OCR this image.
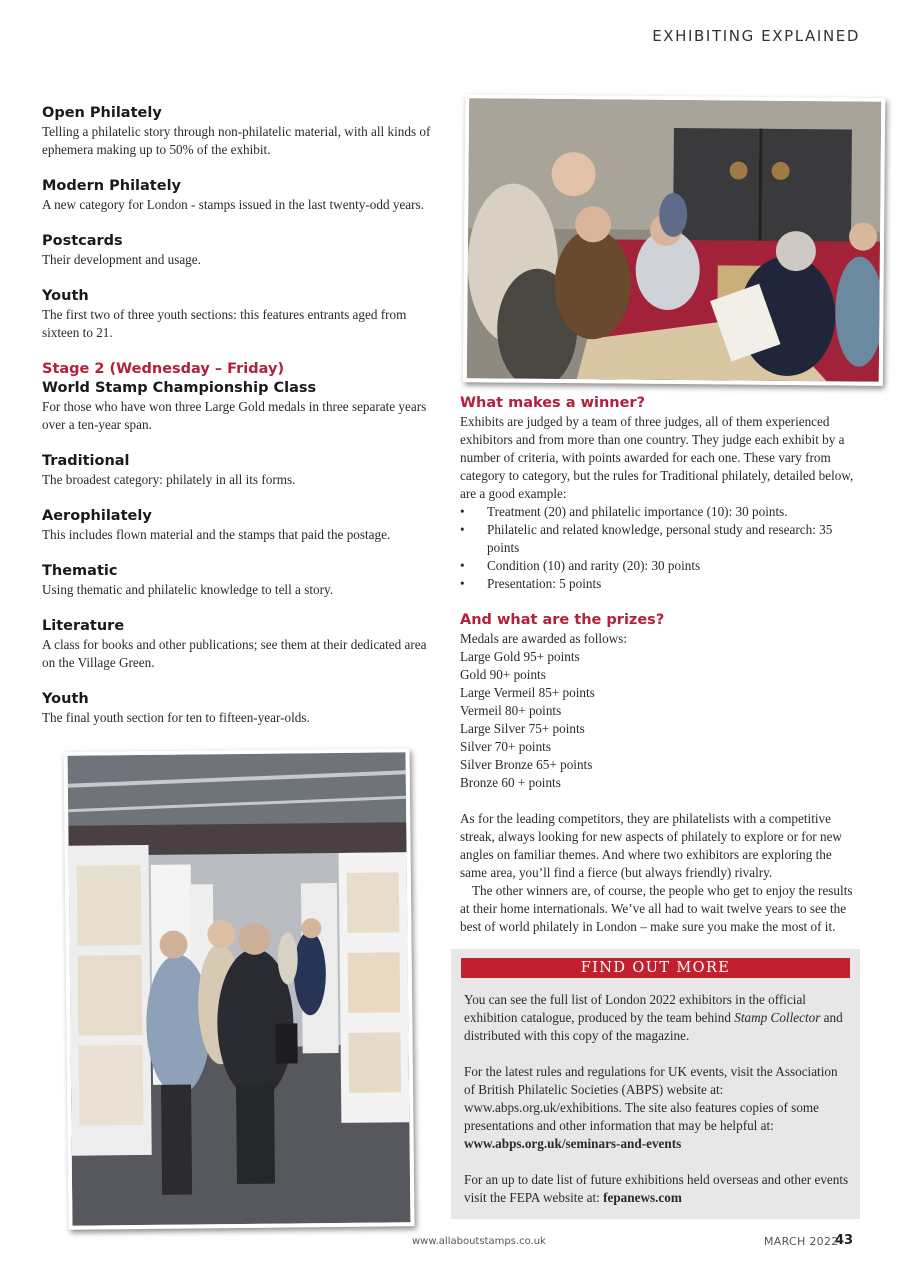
EXHIBITING EXPLAINED
Open Philately

Telling a philatelic story through non-philatelic material, with all kinds of ephemera making up to 50% of the exhibit.

Modern Philately

A new category for London - stamps issued in the last twenty-odd years.

Postcards

Their development and usage.

Youth

The first two of three youth sections: this features entrants aged from sixteen to 21.

Stage 2 (Wednesday – Friday)
World Stamp Championship Class

For those who have won three Large Gold medals in three separate years over a ten-year span.

Traditional

The broadest category: philately in all its forms.

Aerophilately

This includes flown material and the stamps that paid the postage.

Thematic

Using thematic and philatelic knowledge to tell a story.

Literature

A class for books and other publications; see them at their dedicated area on the Village Green.

Youth

The final youth section for ten to fifteen-year-olds.

What makes a winner?

Exhibits are judged by a team of three judges, all of them experienced exhibitors and from more than one country. They judge each exhibit by a number of criteria, with points awarded for each one. These vary from category to category, but the rules for Traditional philately, detailed below, are a good example:

• Treatment (20) and philatelic importance (10): 30 points.
• Philatelic and related knowledge, personal study and research: 35 points
• Condition (10) and rarity (20): 30 points
• Presentation: 5 points
And what are the prizes?

Medals are awarded as follows:

Large Gold 95+ points
Gold 90+ points
Large Vermeil 85+ points
Vermeil 80+ points
Large Silver 75+ points
Silver 70+ points
Silver Bronze 65+ points
Bronze 60 + points

As for the leading competitors, they are philatelists with a competitive streak, always looking for new aspects of philately to explore or for new angles on familiar themes. And where two exhibitors are exploring the same area, you’ll find a fierce (but always friendly) rivalry.

The other winners are, of course, the people who get to enjoy the results at their home internationals. We’ve all had to wait twelve years to see the best of world philately in London – make sure you make the most of it.

FIND OUT MORE

You can see the full list of London 2022 exhibitors in the official exhibition catalogue, produced by the team behind Stamp Collector and distributed with this copy of the magazine.

For the latest rules and regulations for UK events, visit the Association of British Philatelic Societies (ABPS) website at: www.abps.org.uk/exhibitions. The site also features copies of some presentations and other information that may be helpful at:
www.abps.org.uk/seminars-and-events

For an up to date list of future exhibitions held overseas and other events visit the FEPA website at: fepanews.com

www.allaboutstamps.co.uk	MARCH 2022
43
